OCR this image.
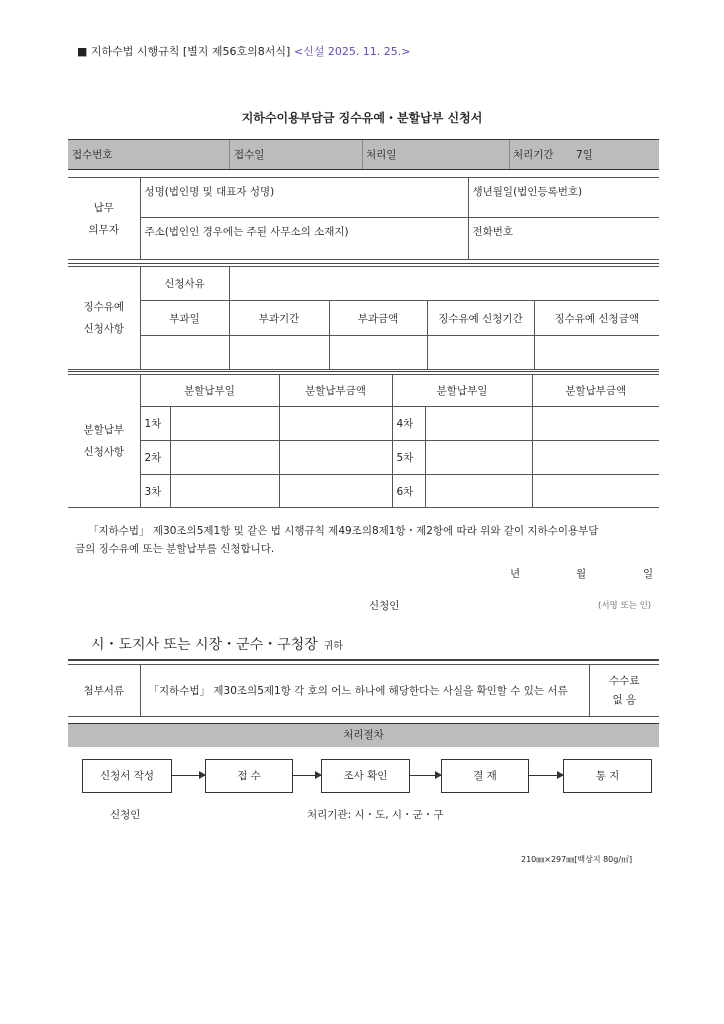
■ 지하수법 시행규칙 [별지 제56호의8서식] <신설 2025. 11. 25.>
지하수이용부담금 징수유예・분할납부 신청서
접수번호	접수일	처리일	처리기간 7일
납무
의무자	성명(법인명 및 대표자 성명)	생년월일(법인등록번호)
	주소(법인인 경우에는 주된 사무소의 소재지)	전화번호
징수유예
신청사항	신청사유				
	부과일	부과기간	부과금액	징수유예 신청기간	징수유예 신청금액

분할납부
신청사항	분할납부일		분할납부금액	분할납부일		분할납부금액
	1차			4차		
	2차			5차		
	3차			6차		
「지하수법」 제30조의5제1항 및 같은 법 시행규칙 제49조의8제1항・제2항에 따라 위와 같이 지하수이용부담
금의 징수유예 또는 분할납부를 신청합니다.
년	월	일
신청인	(서명 또는 인)
시・도지사 또는 시장・군수・구청장 귀하
첨부서류	「지하수법」 제30조의5제1항 각 호의 어느 하나에 해당한다는 사실을 확인할 수 있는 서류	
수수료
없 음
처리절차
신청서 작성	접 수	조사 확인	결 재	통 지
신청인	처리기관: 시・도, 시・군・구
210㎜×297㎜[백상지 80g/㎡]
